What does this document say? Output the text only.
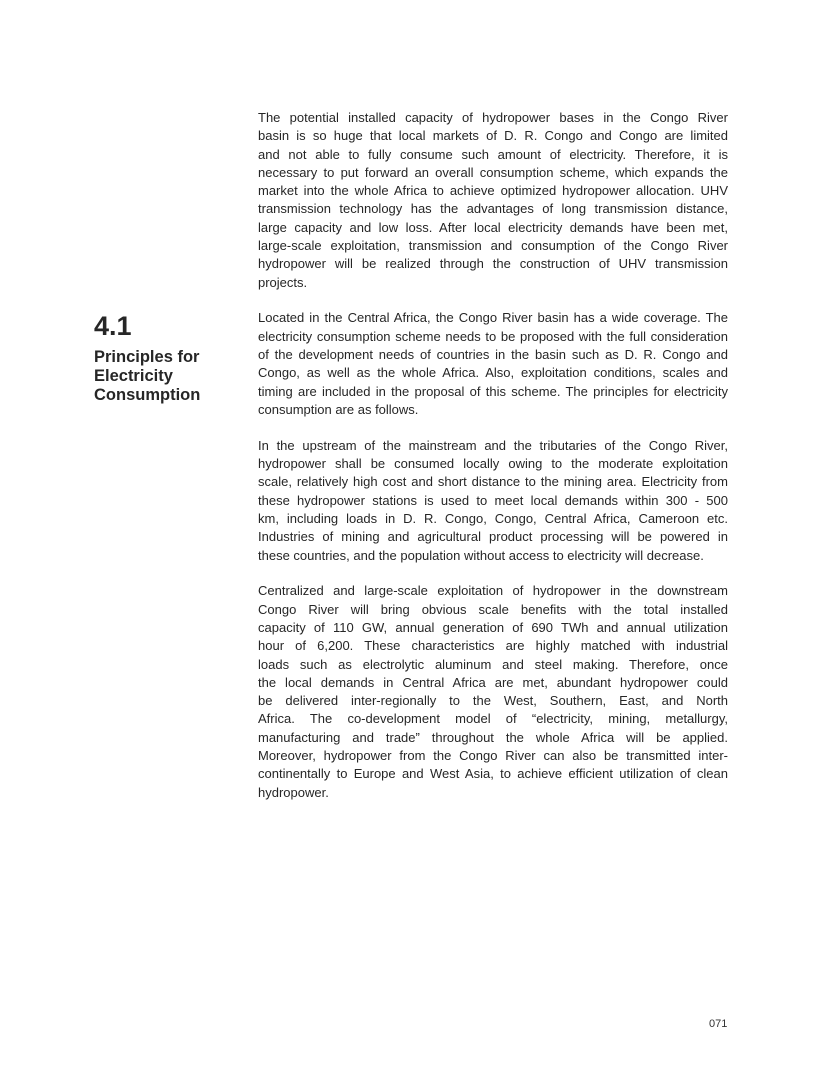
4.1
Principles for
Electricity
Consumption
The potential installed capacity of hydropower bases in the Congo River
basin is so huge that local markets of D. R. Congo and Congo are limited
and not able to fully consume such amount of electricity. Therefore, it is
necessary to put forward an overall consumption scheme, which expands the
market into the whole Africa to achieve optimized hydropower allocation. UHV
transmission technology has the advantages of long transmission distance,
large capacity and low loss. After local electricity demands have been met,
large-scale exploitation, transmission and consumption of the Congo River
hydropower will be realized through the construction of UHV transmission
projects.
Located in the Central Africa, the Congo River basin has a wide coverage. The
electricity consumption scheme needs to be proposed with the full consideration
of the development needs of countries in the basin such as D. R. Congo and
Congo, as well as the whole Africa. Also, exploitation conditions, scales and
timing are included in the proposal of this scheme. The principles for electricity
consumption are as follows.
In the upstream of the mainstream and the tributaries of the Congo River,
hydropower shall be consumed locally owing to the moderate exploitation
scale, relatively high cost and short distance to the mining area. Electricity from
these hydropower stations is used to meet local demands within 300 - 500
km, including loads in D. R. Congo, Congo, Central Africa, Cameroon etc.
Industries of mining and agricultural product processing will be powered in
these countries, and the population without access to electricity will decrease.
Centralized and large-scale exploitation of hydropower in the downstream
Congo River will bring obvious scale benefits with the total installed
capacity of 110 GW, annual generation of 690 TWh and annual utilization
hour of 6,200. These characteristics are highly matched with industrial
loads such as electrolytic aluminum and steel making. Therefore, once
the local demands in Central Africa are met, abundant hydropower could
be delivered inter-regionally to the West, Southern, East, and North
Africa. The co-development model of “electricity, mining, metallurgy,
manufacturing and trade” throughout the whole Africa will be applied.
Moreover, hydropower from the Congo River can also be transmitted inter-
continentally to Europe and West Asia, to achieve efficient utilization of clean
hydropower.
071
